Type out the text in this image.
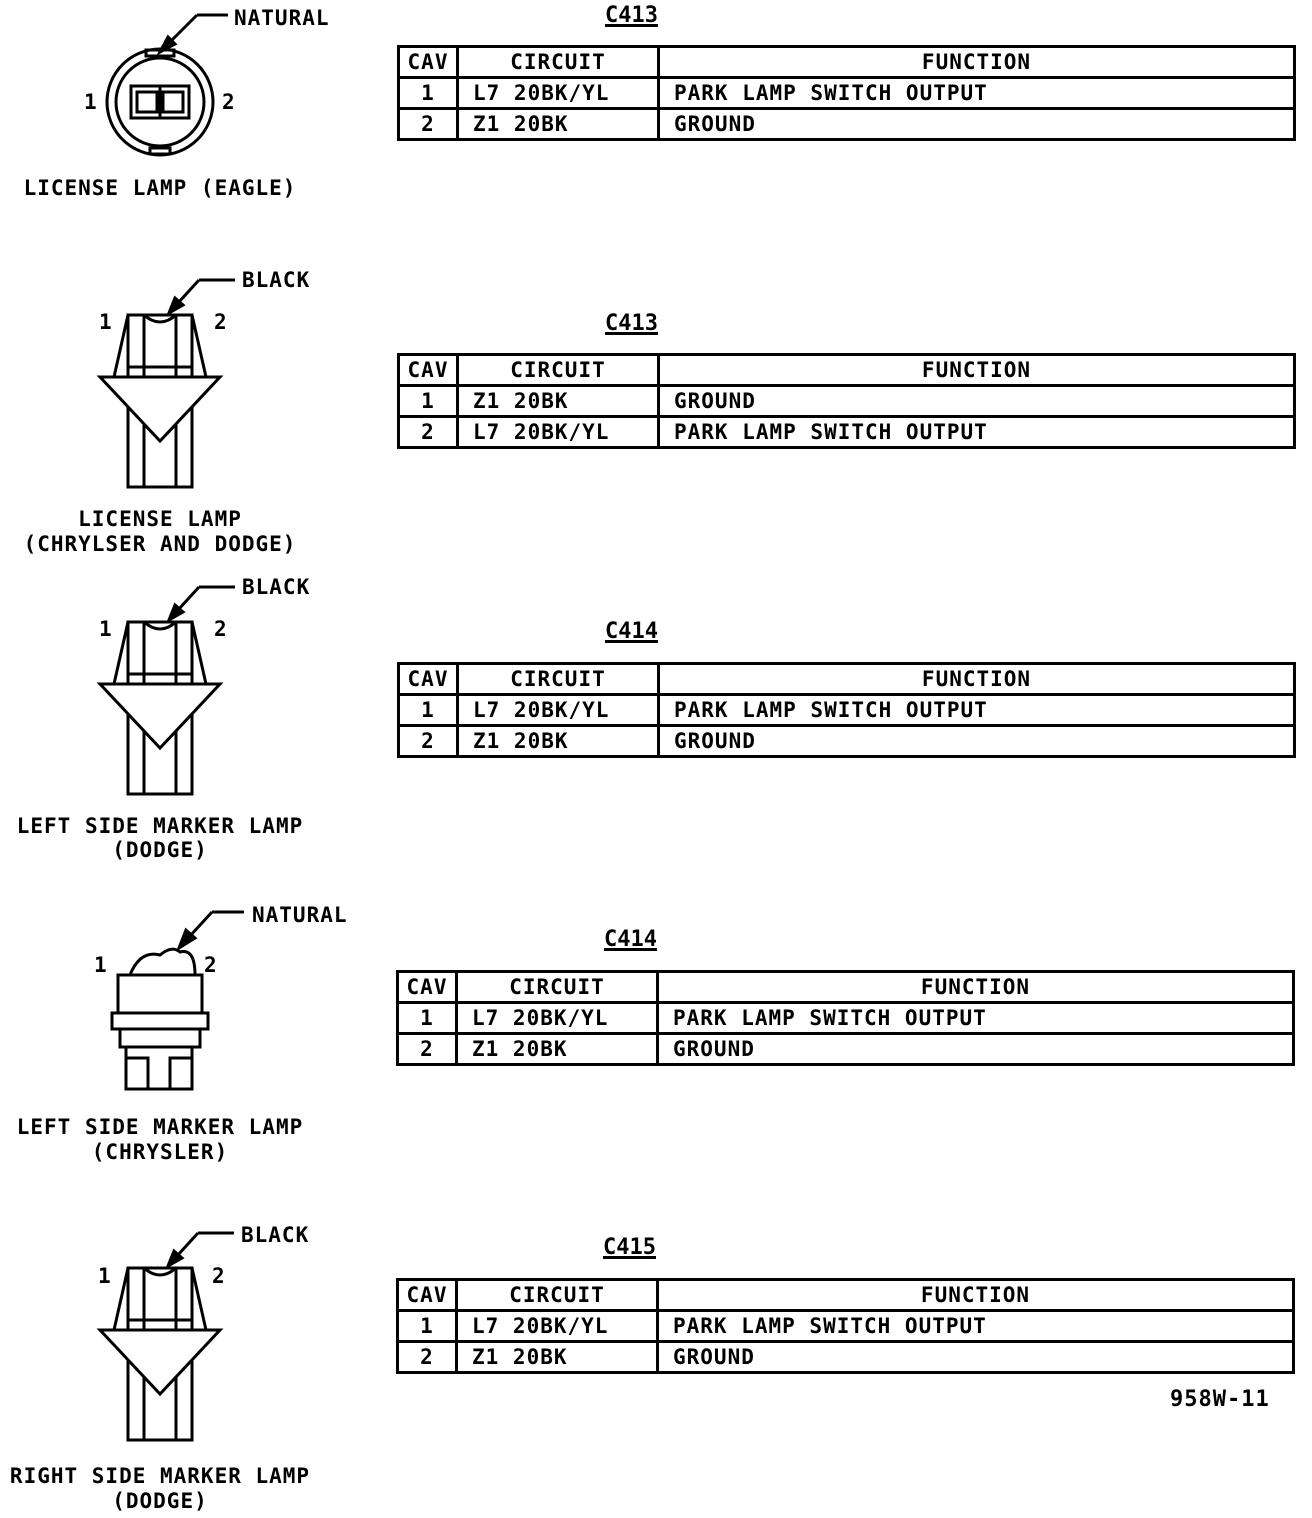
NATURAL
1	2
LICENSE LAMP (EAGLE)
BLACK
1	2
LICENSE LAMP
(CHRYLSER AND DODGE)
BLACK
1	2
LEFT SIDE MARKER LAMP
(DODGE)
NATURAL
1	2
LEFT SIDE MARKER LAMP
(CHRYSLER)
BLACK
1	2
RIGHT SIDE MARKER LAMP
(DODGE)
C413
CAV	CIRCUIT	FUNCTION
1	L7 20BK/YL	PARK LAMP SWITCH OUTPUT
2	Z1 20BK	GROUND
C413
CAV	CIRCUIT	FUNCTION
1	Z1 20BK	GROUND
2	L7 20BK/YL	PARK LAMP SWITCH OUTPUT
C414
CAV	CIRCUIT	FUNCTION
1	L7 20BK/YL	PARK LAMP SWITCH OUTPUT
2	Z1 20BK	GROUND
C414
CAV	CIRCUIT	FUNCTION
1	L7 20BK/YL	PARK LAMP SWITCH OUTPUT
2	Z1 20BK	GROUND
C415
CAV	CIRCUIT	FUNCTION
1	L7 20BK/YL	PARK LAMP SWITCH OUTPUT
2	Z1 20BK	GROUND
958W-11
